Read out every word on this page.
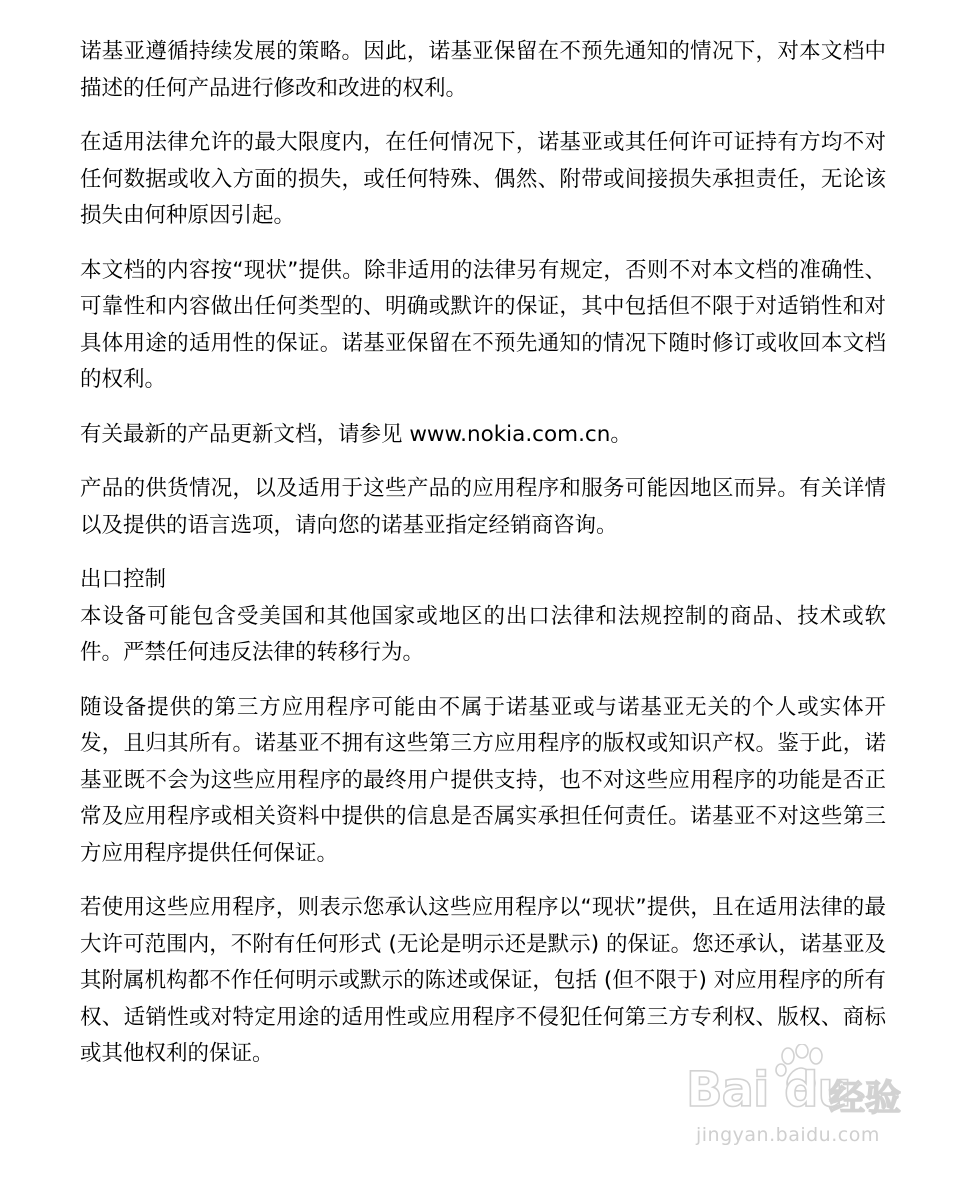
诺基亚遵循持续发展的策略。因此，诺基亚保留在不预先通知的情况下，对本文档中描述的任何产品进行修改和改进的权利。

在适用法律允许的最大限度内，在任何情况下，诺基亚或其任何许可证持有方均不对任何数据或收入方面的损失，或任何特殊、偶然、附带或间接损失承担责任，无论该损失由何种原因引起。

本文档的内容按“现状”提供。除非适用的法律另有规定，否则不对本文档的准确性、可靠性和内容做出任何类型的、明确或默许的保证，其中包括但不限于对适销性和对具体用途的适用性的保证。诺基亚保留在不预先通知的情况下随时修订或收回本文档的权利。

有关最新的产品更新文档，请参见 www.nokia.com.cn。

产品的供货情况，以及适用于这些产品的应用程序和服务可能因地区而异。有关详情以及提供的语言选项，请向您的诺基亚指定经销商咨询。

出口控制

本设备可能包含受美国和其他国家或地区的出口法律和法规控制的商品、技术或软件。严禁任何违反法律的转移行为。

随设备提供的第三方应用程序可能由不属于诺基亚或与诺基亚无关的个人或实体开发，且归其所有。诺基亚不拥有这些第三方应用程序的版权或知识产权。鉴于此，诺基亚既不会为这些应用程序的最终用户提供支持，也不对这些应用程序的功能是否正常及应用程序或相关资料中提供的信息是否属实承担任何责任。诺基亚不对这些第三方应用程序提供任何保证。

若使用这些应用程序，则表示您承认这些应用程序以“现状”提供，且在适用法律的最大许可范围内，不附有任何形式 (无论是明示还是默示) 的保证。您还承认，诺基亚及其附属机构都不作任何明示或默示的陈述或保证，包括 (但不限于) 对应用程序的所有权、适销性或对特定用途的适用性或应用程序不侵犯任何第三方专利权、版权、商标或其他权利的保证。

Bai du
经验
jingyan.baidu.com
